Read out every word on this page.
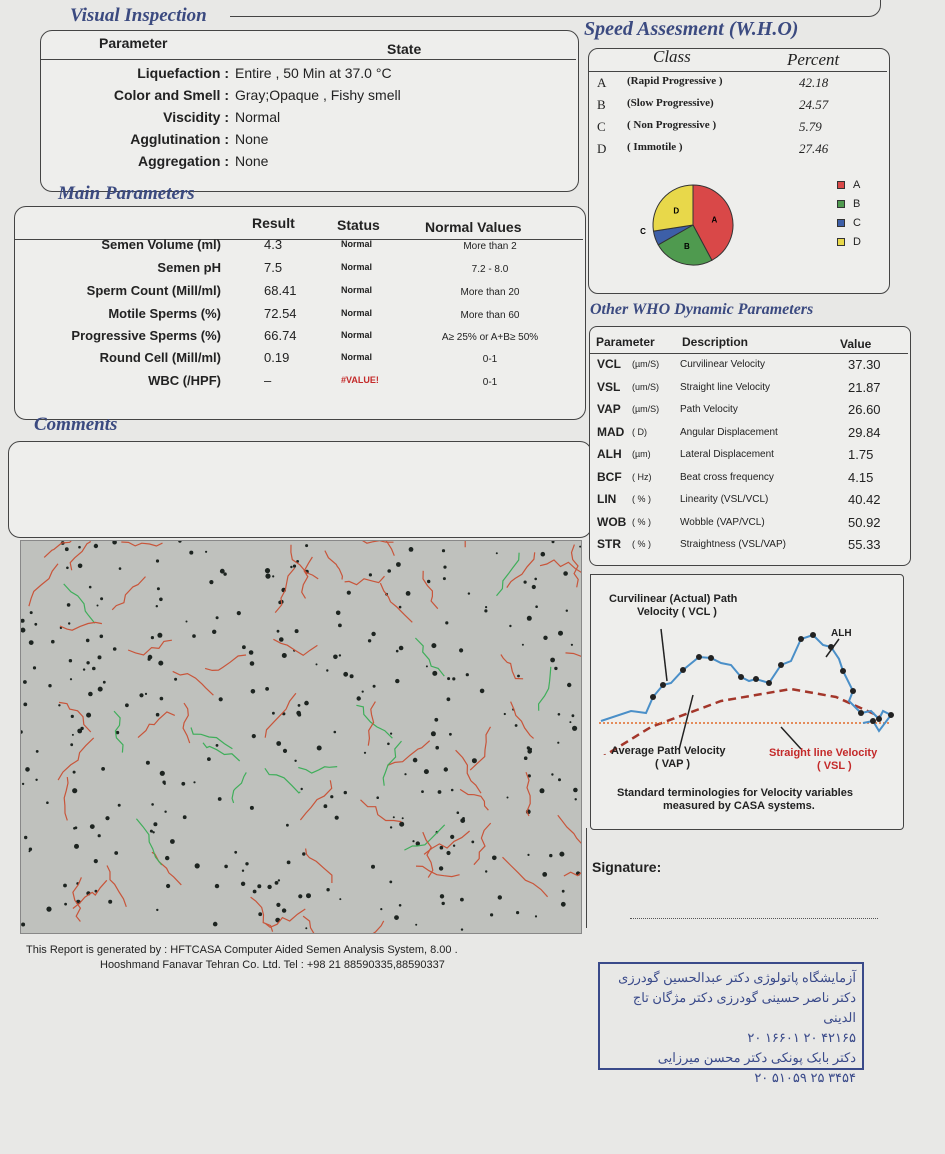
Visual Inspection
Parameter	State
Liquefaction : Entire , 50 Min at 37.0 °C
Color and Smell : Gray;Opaque , Fishy smell
Viscidity : Normal
Agglutination : None
Aggregation : None
Speed Assesment (W.H.O)
Class	Percent
A (Rapid Progressive )	42.18
B (Slow Progressive)	24.57
C ( Non Progressive )	5.79
D ( Immotile )	27.46
A
B
C
D
A
B
C
D
Main Parameters
Result	Status	Normal Values
Semen Volume (ml)	4.3	Normal	More than 2
Semen pH	7.5	Normal	7.2 - 8.0
Sperm Count (Mill/ml)	68.41	Normal	More than 20
Motile Sperms (%)	72.54	Normal	More than 60
Progressive Sperms (%)	66.74	Normal	A≥ 25% or A+B≥ 50%
Round Cell (Mill/ml)	0.19	Normal	0-1
WBC (/HPF)	–	#VALUE!	0-1
Comments
Other WHO Dynamic Parameters
Parameter Description	Value
VCL (µm/S) Curvilinear Velocity	37.30
VSL (um/S) Straight line Velocity	21.87
VAP (µm/S) Path Velocity	26.60
MAD ( D)	Angular Displacement	29.84
ALH (µm)	Lateral Displacement	1.75
BCF ( Hz)	Beat cross frequency	4.15
LIN ( % )	Linearity (VSL/VCL)	40.42
WOB ( % )	Wobble (VAP/VCL)	50.92
STR ( % )	Straightness (VSL/VAP)	55.33
Curvilinear (Actual) Path
Velocity ( VCL )
ALH
Average Path Velocity
( VAP )
Straight line Velocity
( VSL )
Standard terminologies for Velocity variables
measured by CASA systems.
Signature:
This Report is generated by : HFTCASA Computer Aided Semen Analysis System, 8.00 .
Hooshmand Fanavar Tehran Co. Ltd. Tel : +98 21 88590335,88590337
آزمایشگاه پاتولوژی دکتر عبدالحسین گودرزی
دکتر ناصر حسینی گودرزی دکتر مژگان تاج الدینی
۴۲۱۶۵ ۲۰ ۱۶۶۰۱ ۲۰
دکتر بابک پونکی دکتر محسن میرزایی
۳۴۵۴ ۲۵ ۵۱۰۵۹ ۲۰
